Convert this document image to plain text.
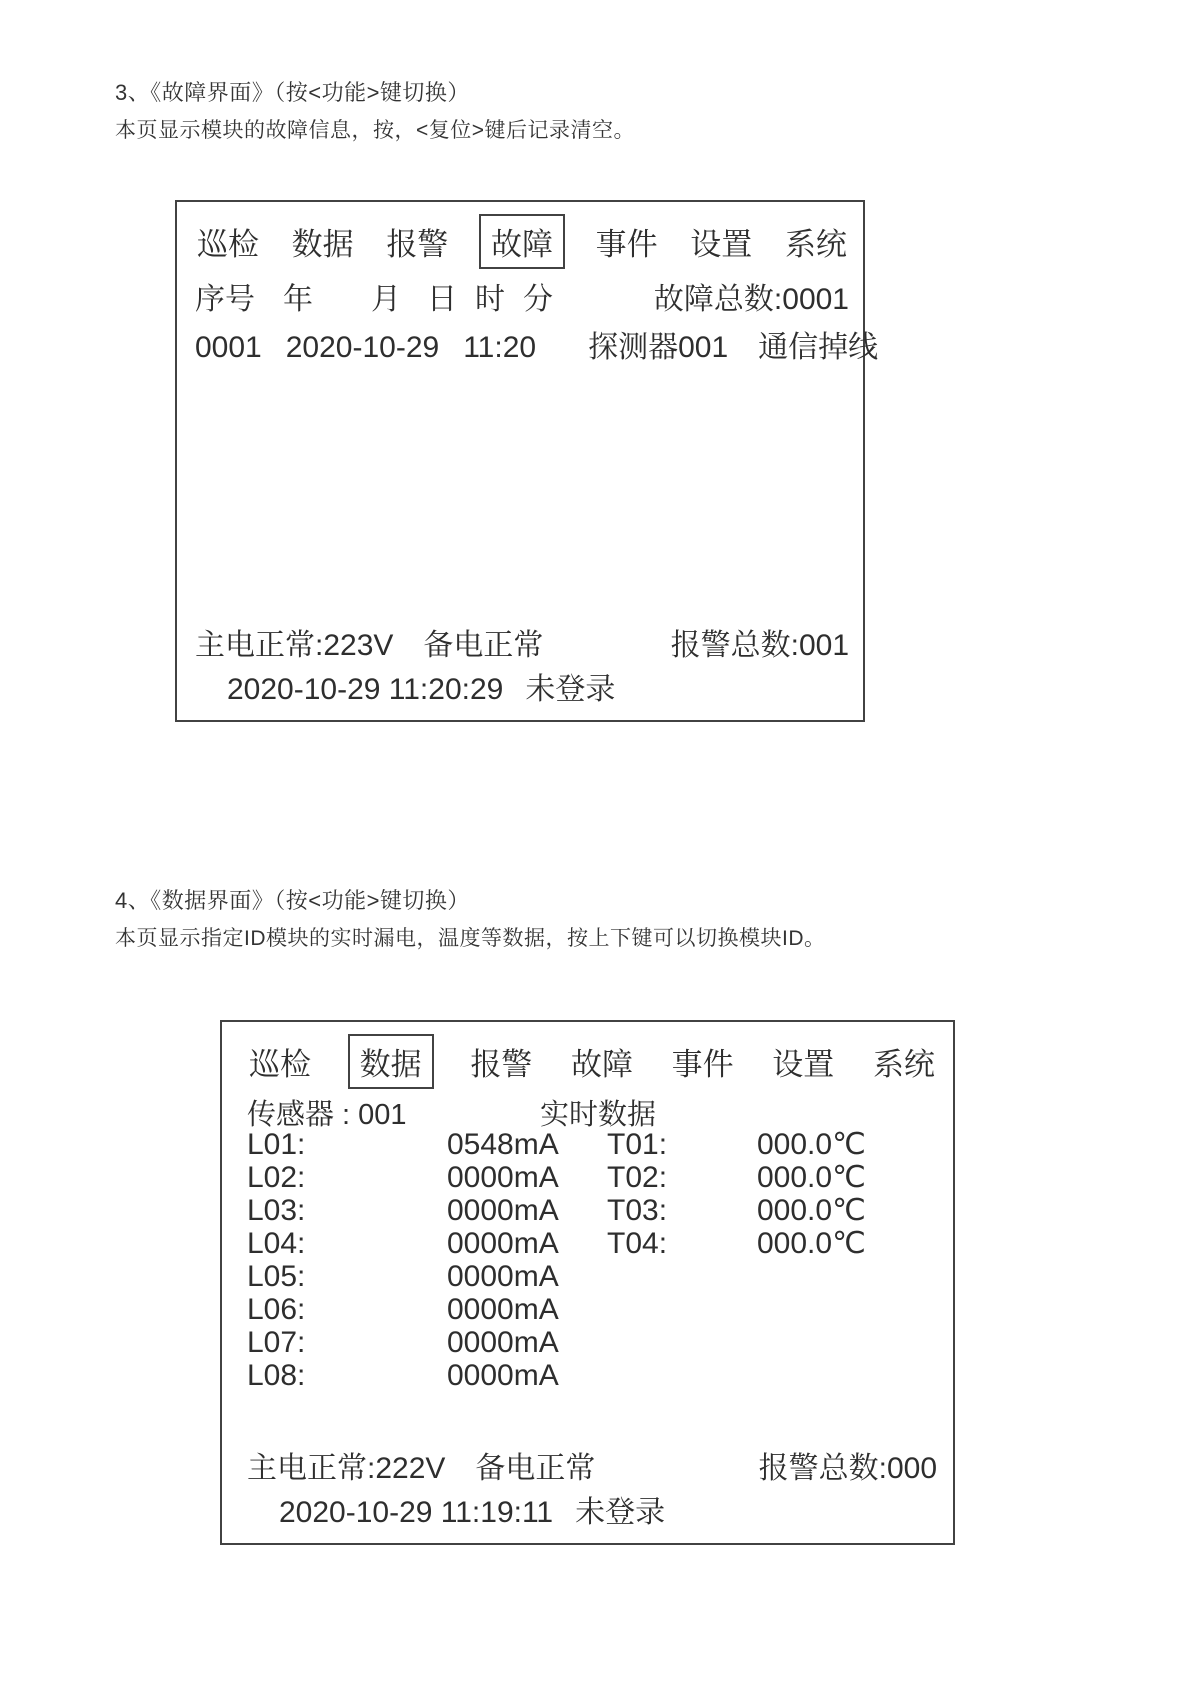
3、《故障界面》（按<功能>键切换）
本页显示模块的故障信息，按，<复位>键后记录清空。
巡检 数据 报警	故障	事件 设置 系统
序号 年 月 日 时 分	故障总数:0001
0001 2020-10-29 11:20 探测器001 通信掉线
主电正常:223V 备电正常	报警总数:001
2020-10-29 11:20:29 未登录
4、《数据界面》（按<功能>键切换）
本页显示指定ID模块的实时漏电，温度等数据，按上下键可以切换模块ID。
巡检	数据	报警 故障 事件 设置 系统
传感器 : 001	实时数据
L01:	0548mA	T01:	000.0℃
L02:	0000mA	T02:	000.0℃
L03:	0000mA	T03:	000.0℃
L04:	0000mA	T04:	000.0℃
L05:	0000mA
L06:	0000mA
L07:	0000mA
L08:	0000mA
主电正常:222V 备电正常	报警总数:000
2020-10-29 11:19:11 未登录
